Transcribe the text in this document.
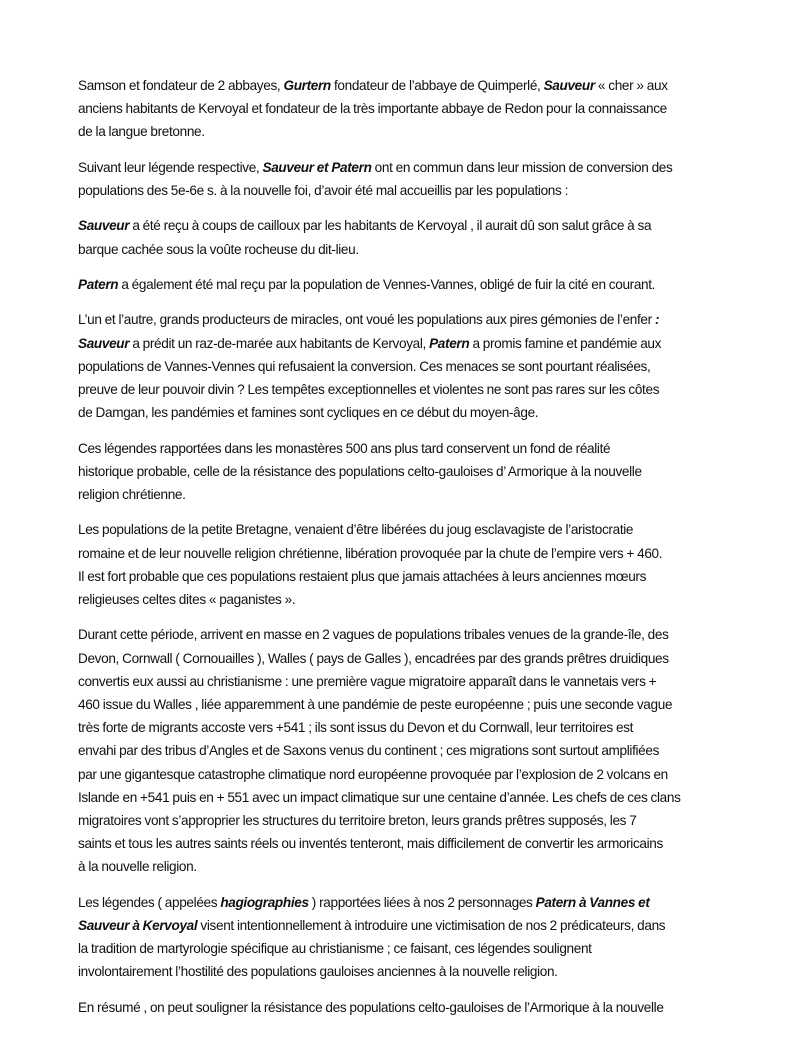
Samson et fondateur de 2 abbayes, Gurtern fondateur de l’abbaye de Quimperlé, Sauveur « cher » aux
anciens habitants de Kervoyal et fondateur de la très importante abbaye de Redon pour la connaissance
de la langue bretonne.

Suivant leur légende respective, Sauveur et Patern ont en commun dans leur mission de conversion des
populations des 5e-6e s. à la nouvelle foi, d’avoir été mal accueillis par les populations :

Sauveur a été reçu à coups de cailloux par les habitants de Kervoyal , il aurait dû son salut grâce à sa
barque cachée sous la voûte rocheuse du dit-lieu.

Patern a également été mal reçu par la population de Vennes-Vannes, obligé de fuir la cité en courant.

L’un et l’autre, grands producteurs de miracles, ont voué les populations aux pires gémonies de l’enfer :
Sauveur a prédit un raz-de-marée aux habitants de Kervoyal, Patern a promis famine et pandémie aux
populations de Vannes-Vennes qui refusaient la conversion. Ces menaces se sont pourtant réalisées,
preuve de leur pouvoir divin ? Les tempêtes exceptionnelles et violentes ne sont pas rares sur les côtes
de Damgan, les pandémies et famines sont cycliques en ce début du moyen-âge.

Ces légendes rapportées dans les monastères 500 ans plus tard conservent un fond de réalité
historique probable, celle de la résistance des populations celto-gauloises d’ Armorique à la nouvelle
religion chrétienne.

Les populations de la petite Bretagne, venaient d’être libérées du joug esclavagiste de l’aristocratie
romaine et de leur nouvelle religion chrétienne, libération provoquée par la chute de l’empire vers + 460.
Il est fort probable que ces populations restaient plus que jamais attachées à leurs anciennes mœurs
religieuses celtes dites « paganistes ».

Durant cette période, arrivent en masse en 2 vagues de populations tribales venues de la grande-île, des
Devon, Cornwall ( Cornouailles ), Walles ( pays de Galles ), encadrées par des grands prêtres druidiques
convertis eux aussi au christianisme : une première vague migratoire apparaît dans le vannetais vers +
460 issue du Walles , liée apparemment à une pandémie de peste européenne ; puis une seconde vague
très forte de migrants accoste vers +541 ; ils sont issus du Devon et du Cornwall, leur territoires est
envahi par des tribus d’Angles et de Saxons venus du continent ; ces migrations sont surtout amplifiées
par une gigantesque catastrophe climatique nord européenne provoquée par l’explosion de 2 volcans en
Islande en +541 puis en + 551 avec un impact climatique sur une centaine d’année. Les chefs de ces clans
migratoires vont s’approprier les structures du territoire breton, leurs grands prêtres supposés, les 7
saints et tous les autres saints réels ou inventés tenteront, mais difficilement de convertir les armoricains
à la nouvelle religion.

Les légendes ( appelées hagiographies ) rapportées liées à nos 2 personnages Patern à Vannes et
Sauveur à Kervoyal visent intentionnellement à introduire une victimisation de nos 2 prédicateurs, dans
la tradition de martyrologie spécifique au christianisme ; ce faisant, ces légendes soulignent
involontairement l’hostilité des populations gauloises anciennes à la nouvelle religion.

En résumé , on peut souligner la résistance des populations celto-gauloises de l’Armorique à la nouvelle
